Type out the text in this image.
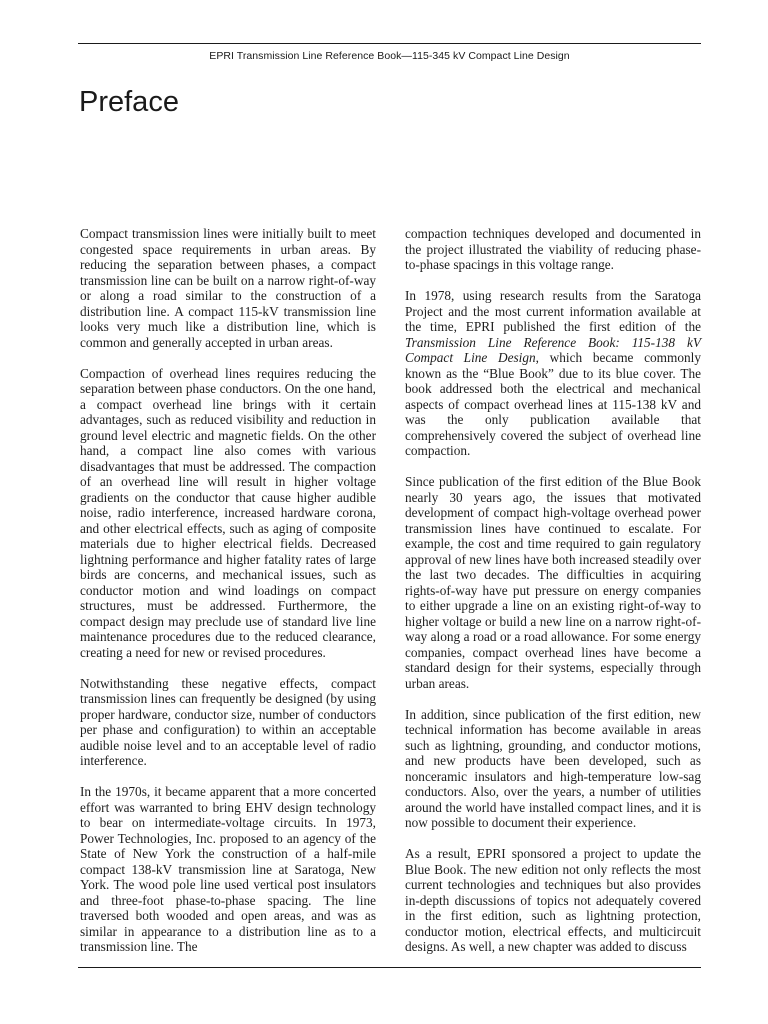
EPRI Transmission Line Reference Book—115-345 kV Compact Line Design
Preface

Compact transmission lines were initially built to meet congested space requirements in urban areas. By reducing the separation between phases, a compact transmission line can be built on a narrow right-of-way or along a road similar to the construction of a distribution line. A compact 115-kV transmission line looks very much like a distribution line, which is common and generally accepted in urban areas.

Compaction of overhead lines requires reducing the separation between phase conductors. On the one hand, a compact overhead line brings with it certain advantages, such as reduced visibility and reduction in ground level electric and magnetic fields. On the other hand, a compact line also comes with various disadvantages that must be addressed. The compaction of an overhead line will result in higher voltage gradients on the conductor that cause higher audible noise, radio interference, increased hardware corona, and other electrical effects, such as aging of composite materials due to higher electrical fields. Decreased lightning performance and higher fatality rates of large birds are concerns, and mechanical issues, such as conductor motion and wind loadings on compact structures, must be addressed. Furthermore, the compact design may preclude use of standard live line maintenance procedures due to the reduced clearance, creating a need for new or revised procedures.

Notwithstanding these negative effects, compact transmission lines can frequently be designed (by using proper hardware, conductor size, number of conductors per phase and configuration) to within an acceptable audible noise level and to an acceptable level of radio interference.

In the 1970s, it became apparent that a more concerted effort was warranted to bring EHV design technology to bear on intermediate-voltage circuits. In 1973, Power Technologies, Inc. proposed to an agency of the State of New York the construction of a half-mile compact 138-kV transmission line at Saratoga, New York. The wood pole line used vertical post insulators and three-foot phase-to-phase spacing. The line traversed both wooded and open areas, and was as similar in appearance to a distribution line as to a transmission line. The

compaction techniques developed and documented in the project illustrated the viability of reducing phase-to-phase spacings in this voltage range.

In 1978, using research results from the Saratoga Project and the most current information available at the time, EPRI published the first edition of the Transmission Line Reference Book: 115-138 kV Compact Line Design, which became commonly known as the “Blue Book” due to its blue cover. The book addressed both the electrical and mechanical aspects of compact overhead lines at 115-138 kV and was the only publication available that comprehensively covered the subject of overhead line compaction.

Since publication of the first edition of the Blue Book nearly 30 years ago, the issues that motivated development of compact high-voltage overhead power transmission lines have continued to escalate. For example, the cost and time required to gain regulatory approval of new lines have both increased steadily over the last two decades. The difficulties in acquiring rights-of-way have put pressure on energy companies to either upgrade a line on an existing right-of-way to higher voltage or build a new line on a narrow right-of-way along a road or a road allowance. For some energy companies, compact overhead lines have become a standard design for their systems, especially through urban areas.

In addition, since publication of the first edition, new technical information has become available in areas such as lightning, grounding, and conductor motions, and new products have been developed, such as nonceramic insulators and high-temperature low-sag conductors. Also, over the years, a number of utilities around the world have installed compact lines, and it is now possible to document their experience.

As a result, EPRI sponsored a project to update the Blue Book. The new edition not only reflects the most current technologies and techniques but also provides in-depth discussions of topics not adequately covered in the first edition, such as lightning protection, conductor motion, electrical effects, and multicircuit designs. As well, a new chapter was added to discuss
